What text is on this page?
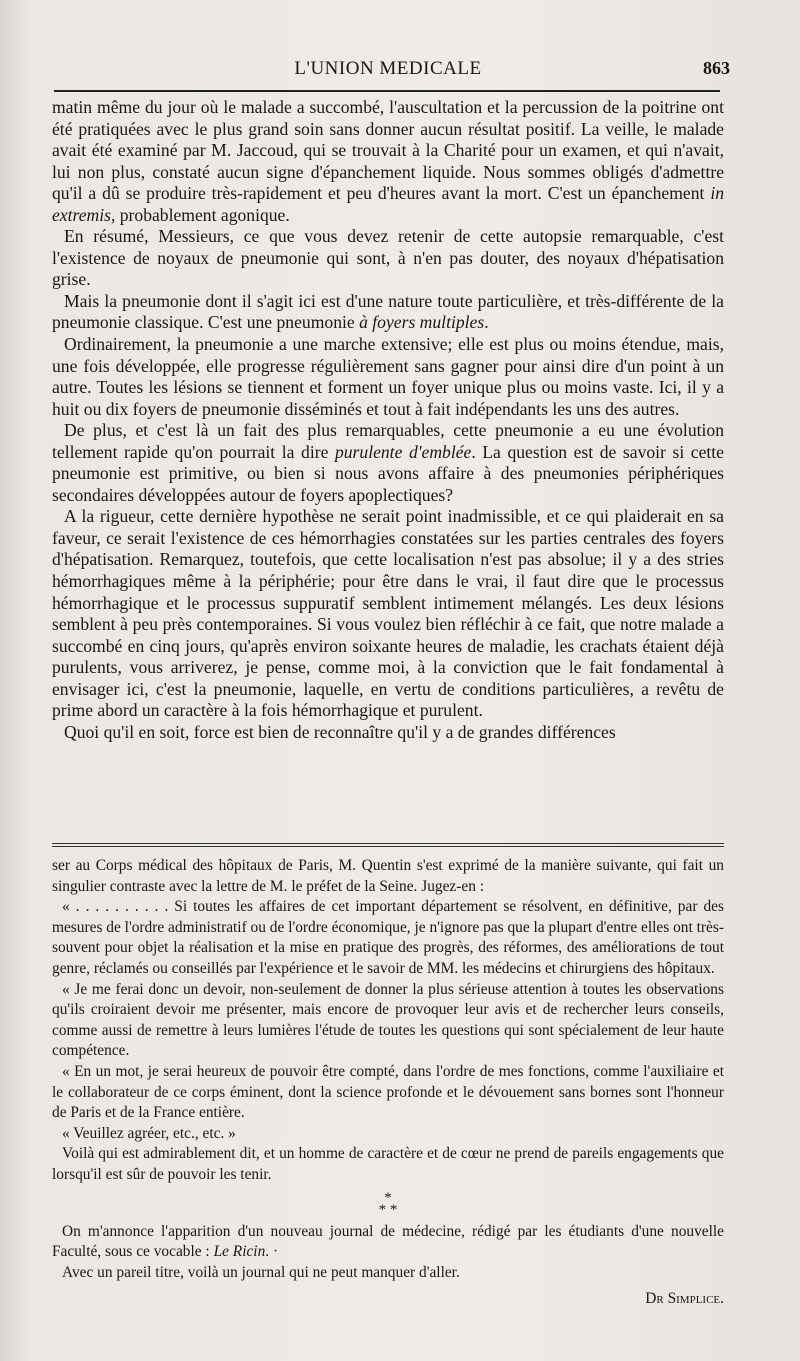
L'UNION MEDICALE	863

matin même du jour où le malade a succombé, l'auscultation et la percussion de la poitrine ont été pratiquées avec le plus grand soin sans donner aucun résultat positif. La veille, le malade avait été examiné par M. Jaccoud, qui se trouvait à la Charité pour un examen, et qui n'avait, lui non plus, constaté aucun signe d'épanchement liquide. Nous sommes obligés d'admettre qu'il a dû se produire très-rapidement et peu d'heures avant la mort. C'est un épanchement in extremis, probablement agonique.

En résumé, Messieurs, ce que vous devez retenir de cette autopsie remarquable, c'est l'existence de noyaux de pneumonie qui sont, à n'en pas douter, des noyaux d'hépatisation grise.

Mais la pneumonie dont il s'agit ici est d'une nature toute particulière, et très-différente de la pneumonie classique. C'est une pneumonie à foyers multiples.

Ordinairement, la pneumonie a une marche extensive; elle est plus ou moins étendue, mais, une fois développée, elle progresse régulièrement sans gagner pour ainsi dire d'un point à un autre. Toutes les lésions se tiennent et forment un foyer unique plus ou moins vaste. Ici, il y a huit ou dix foyers de pneumonie disséminés et tout à fait indépendants les uns des autres.

De plus, et c'est là un fait des plus remarquables, cette pneumonie a eu une évolution tellement rapide qu'on pourrait la dire purulente d'emblée. La question est de savoir si cette pneumonie est primitive, ou bien si nous avons affaire à des pneumonies périphériques secondaires développées autour de foyers apoplectiques?

A la rigueur, cette dernière hypothèse ne serait point inadmissible, et ce qui plaiderait en sa faveur, ce serait l'existence de ces hémorrhagies constatées sur les parties centrales des foyers d'hépatisation. Remarquez, toutefois, que cette localisation n'est pas absolue; il y a des stries hémorrhagiques même à la périphérie; pour être dans le vrai, il faut dire que le processus hémorrhagique et le processus suppuratif semblent intimement mélangés. Les deux lésions semblent à peu près contemporaines. Si vous voulez bien réfléchir à ce fait, que notre malade a succombé en cinq jours, qu'après environ soixante heures de maladie, les crachats étaient déjà purulents, vous arriverez, je pense, comme moi, à la conviction que le fait fondamental à envisager ici, c'est la pneumonie, laquelle, en vertu de conditions particulières, a revêtu de prime abord un caractère à la fois hémorrhagique et purulent.

Quoi qu'il en soit, force est bien de reconnaître qu'il y a de grandes différences

ser au Corps médical des hôpitaux de Paris, M. Quentin s'est exprimé de la manière suivante, qui fait un singulier contraste avec la lettre de M. le préfet de la Seine. Jugez-en :

« . . . . . . . . . . Si toutes les affaires de cet important département se résolvent, en définitive, par des mesures de l'ordre administratif ou de l'ordre économique, je n'ignore pas que la plupart d'entre elles ont très-souvent pour objet la réalisation et la mise en pratique des progrès, des réformes, des améliorations de tout genre, réclamés ou conseillés par l'expérience et le savoir de MM. les médecins et chirurgiens des hôpitaux.

« Je me ferai donc un devoir, non-seulement de donner la plus sérieuse attention à toutes les observations qu'ils croiraient devoir me présenter, mais encore de provoquer leur avis et de rechercher leurs conseils, comme aussi de remettre à leurs lumières l'étude de toutes les questions qui sont spécialement de leur haute compétence.

« En un mot, je serai heureux de pouvoir être compté, dans l'ordre de mes fonctions, comme l'auxiliaire et le collaborateur de ce corps éminent, dont la science profonde et le dévouement sans bornes sont l'honneur de Paris et de la France entière.

« Veuillez agréer, etc., etc. »

Voilà qui est admirablement dit, et un homme de caractère et de cœur ne prend de pareils engagements que lorsqu'il est sûr de pouvoir les tenir.

*
* *

On m'annonce l'apparition d'un nouveau journal de médecine, rédigé par les étudiants d'une nouvelle Faculté, sous ce vocable : Le Ricin. ·

Avec un pareil titre, voilà un journal qui ne peut manquer d'aller.

Dr Simplice.
